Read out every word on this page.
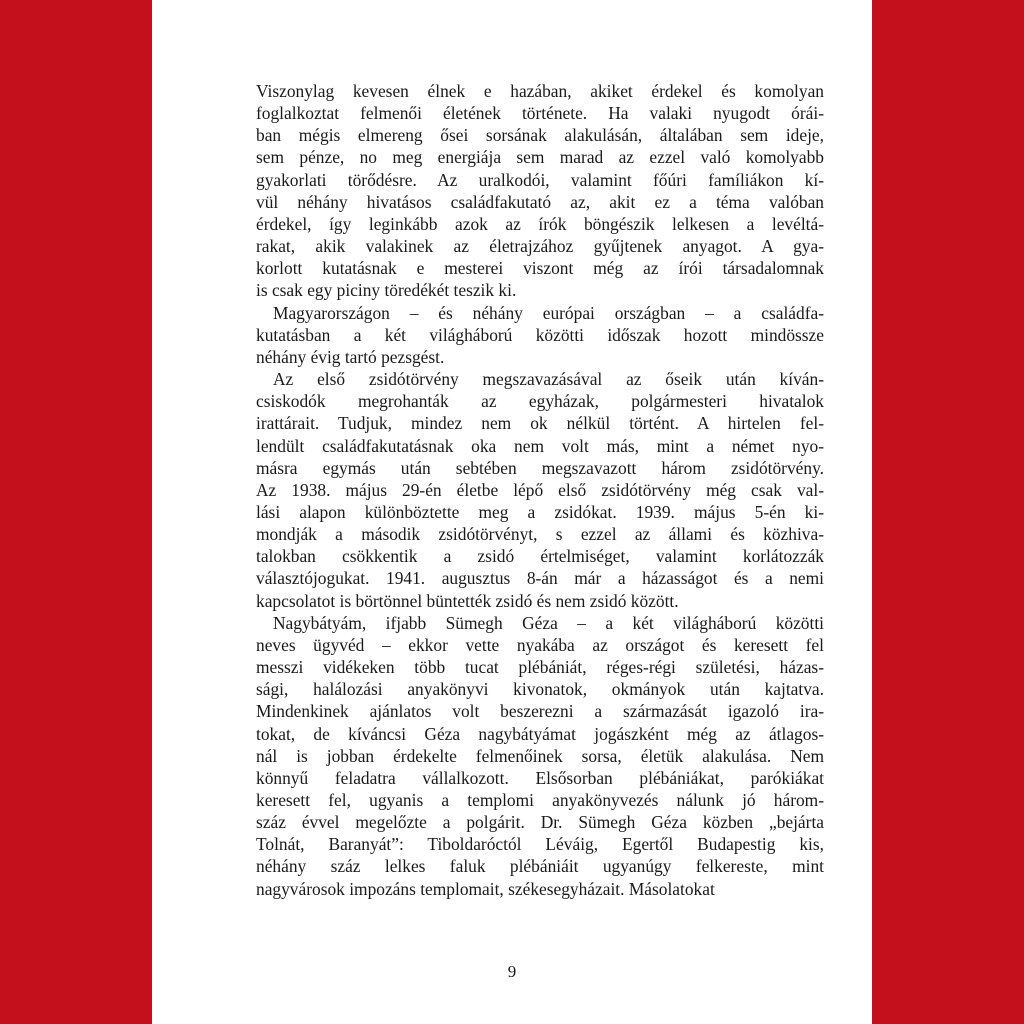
Viszonylag kevesen élnek e hazában, akiket érdekel és komolyan
foglalkoztat felmenői életének története. Ha valaki nyugodt órái-
ban mégis elmereng ősei sorsának alakulásán, általában sem ideje,
sem pénze, no meg energiája sem marad az ezzel való komolyabb
gyakorlati törődésre. Az uralkodói, valamint főúri famíliákon kí-
vül néhány hivatásos családfakutató az, akit ez a téma valóban
érdekel, így leginkább azok az írók böngészik lelkesen a levéltá-
rakat, akik valakinek az életrajzához gyűjtenek anyagot. A gya-
korlott kutatásnak e mesterei viszont még az írói társadalomnak
is csak egy piciny töredékét teszik ki.
Magyarországon – és néhány európai országban – a családfa-
kutatásban a két világháború közötti időszak hozott mindössze
néhány évig tartó pezsgést.
Az első zsidótörvény megszavazásával az őseik után kíván-
csiskodók megrohanták az egyházak, polgármesteri hivatalok
irattárait. Tudjuk, mindez nem ok nélkül történt. A hirtelen fel-
lendült családfakutatásnak oka nem volt más, mint a német nyo-
másra egymás után sebtében megszavazott három zsidótörvény.
Az 1938. május 29-én életbe lépő első zsidótörvény még csak val-
lási alapon különböztette meg a zsidókat. 1939. május 5-én ki-
mondják a második zsidótörvényt, s ezzel az állami és közhiva-
talokban csökkentik a zsidó értelmiséget, valamint korlátozzák
választójogukat. 1941. augusztus 8-án már a házasságot és a nemi
kapcsolatot is börtönnel büntették zsidó és nem zsidó között.
Nagybátyám, ifjabb Sümegh Géza – a két világháború közötti
neves ügyvéd – ekkor vette nyakába az országot és keresett fel
messzi vidékeken több tucat plébániát, réges-régi születési, házas-
sági, halálozási anyakönyvi kivonatok, okmányok után kajtatva.
Mindenkinek ajánlatos volt beszerezni a származását igazoló ira-
tokat, de kíváncsi Géza nagybátyámat jogászként még az átlagos-
nál is jobban érdekelte felmenőinek sorsa, életük alakulása. Nem
könnyű feladatra vállalkozott. Elsősorban plébániákat, parókiákat
keresett fel, ugyanis a templomi anyakönyvezés nálunk jó három-
száz évvel megelőzte a polgárit. Dr. Sümegh Géza közben „bejárta
Tolnát, Baranyát”: Tiboldaróctól Léváig, Egertől Budapestig kis,
néhány száz lelkes faluk plébániáit ugyanúgy felkereste, mint
nagyvárosok impozáns templomait, székesegyházait. Másolatokat
9
